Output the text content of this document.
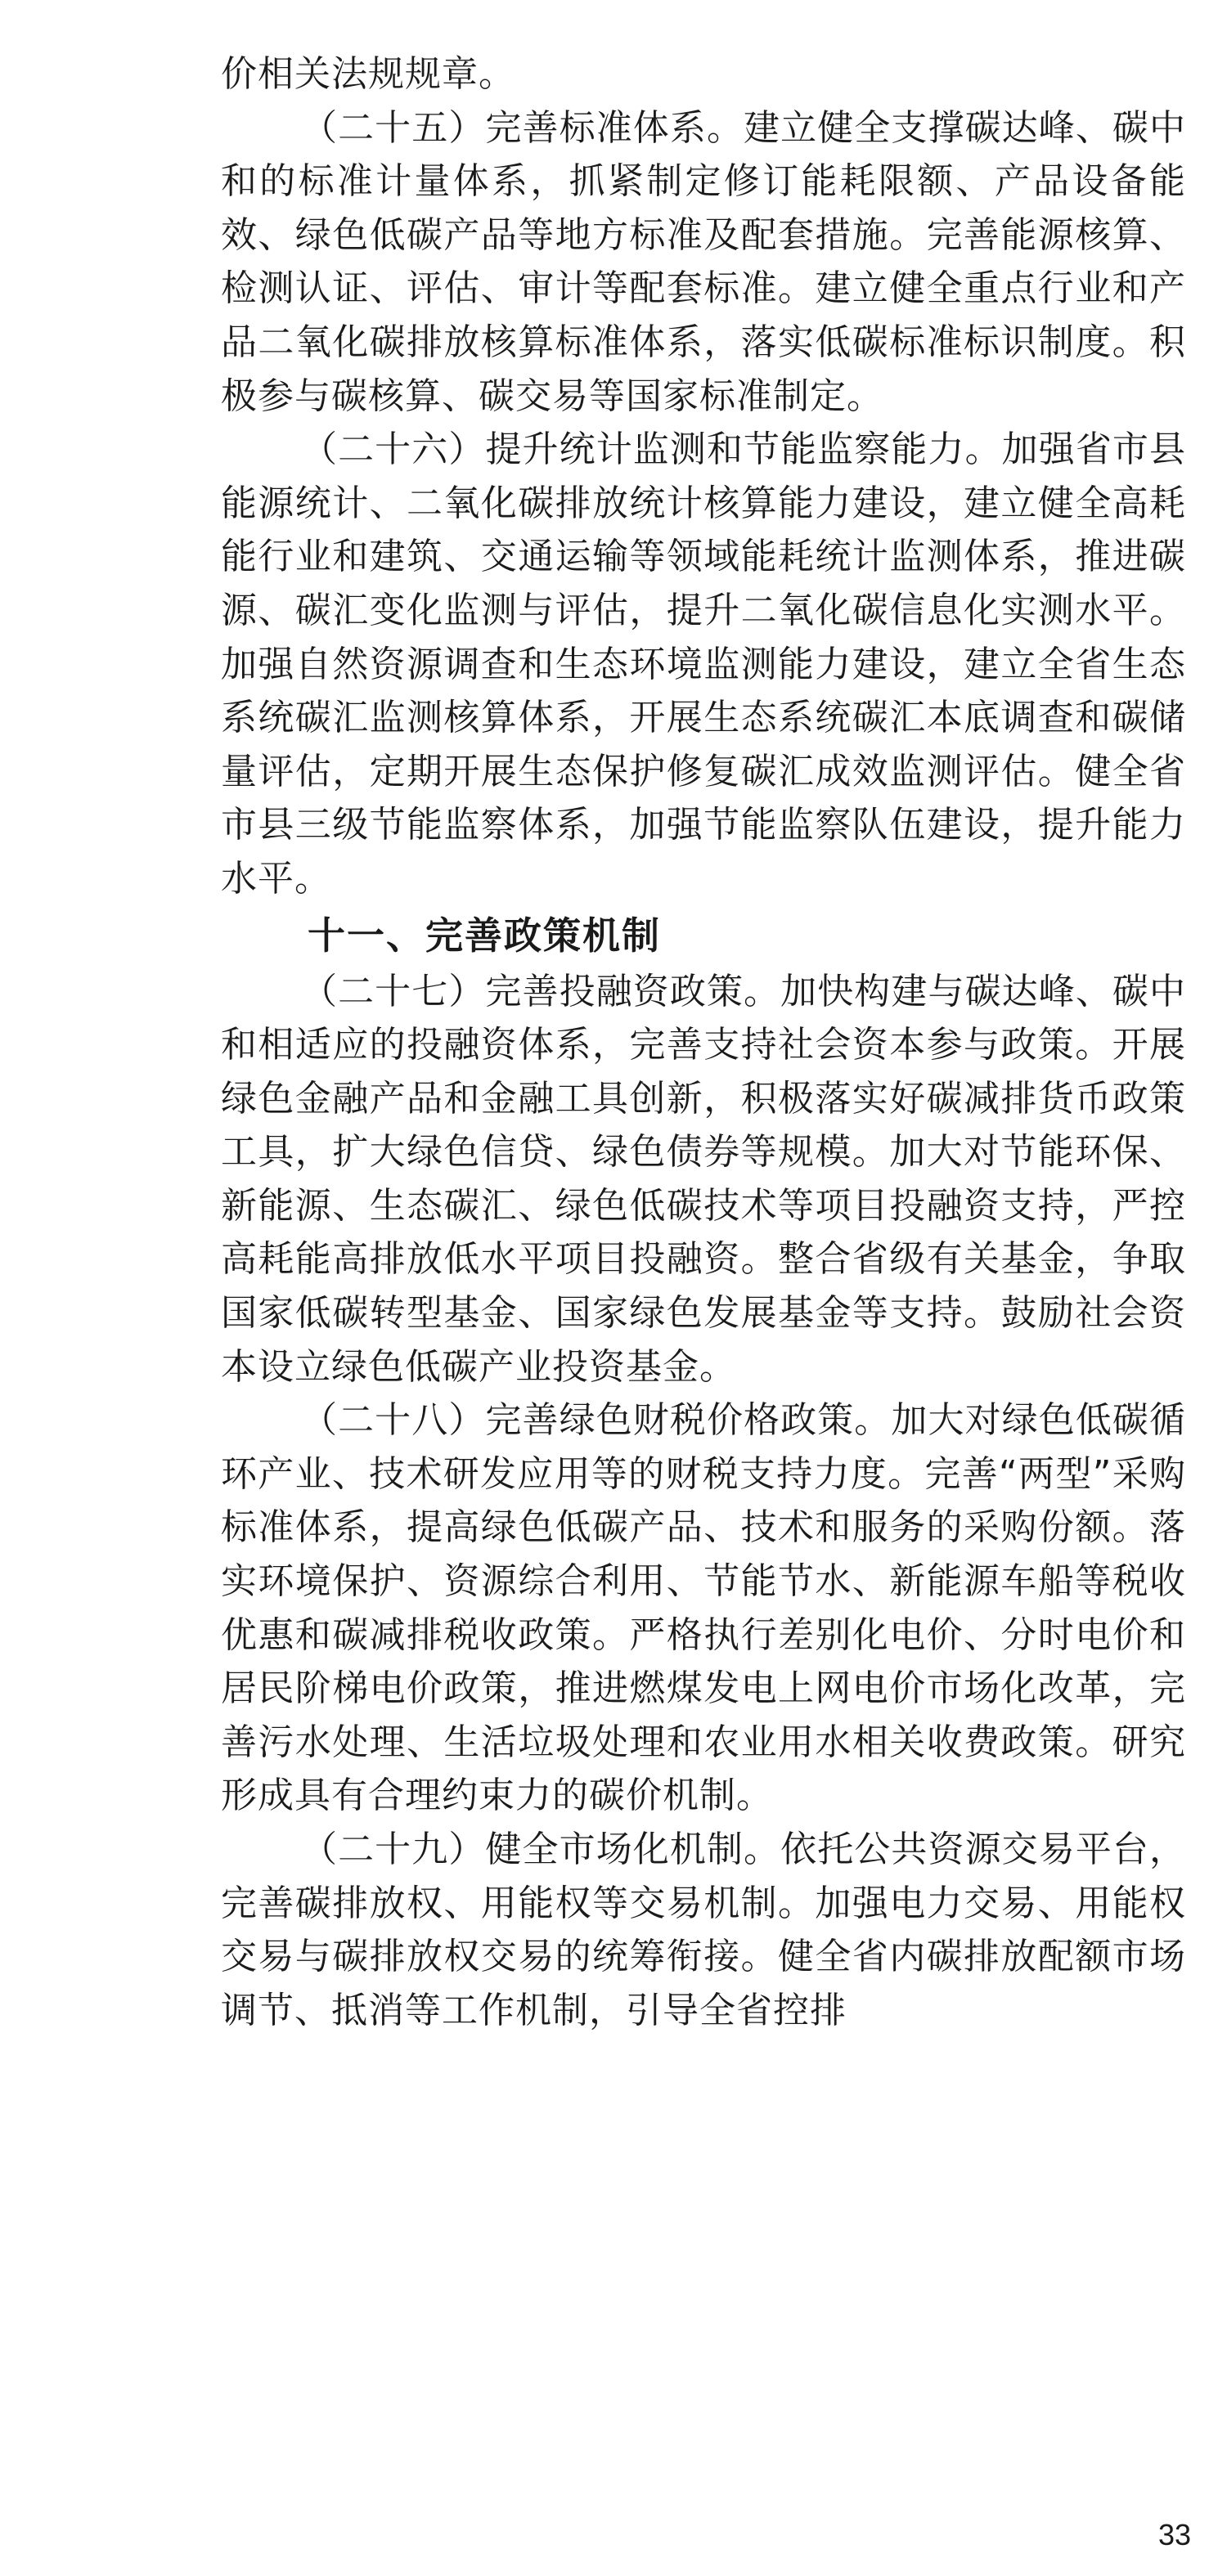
价相关法规规章。

（二十五）完善标准体系。建立健全支撑碳达峰、碳中和的标准计量体系，抓紧制定修订能耗限额、产品设备能效、绿色低碳产品等地方标准及配套措施。完善能源核算、检测认证、评估、审计等配套标准。建立健全重点行业和产品二氧化碳排放核算标准体系，落实低碳标准标识制度。积极参与碳核算、碳交易等国家标准制定。

（二十六）提升统计监测和节能监察能力。加强省市县能源统计、二氧化碳排放统计核算能力建设，建立健全高耗能行业和建筑、交通运输等领域能耗统计监测体系，推进碳源、碳汇变化监测与评估，提升二氧化碳信息化实测水平。加强自然资源调查和生态环境监测能力建设，建立全省生态系统碳汇监测核算体系，开展生态系统碳汇本底调查和碳储量评估，定期开展生态保护修复碳汇成效监测评估。健全省市县三级节能监察体系，加强节能监察队伍建设，提升能力水平。

十一、完善政策机制

（二十七）完善投融资政策。加快构建与碳达峰、碳中和相适应的投融资体系，完善支持社会资本参与政策。开展绿色金融产品和金融工具创新，积极落实好碳减排货币政策工具，扩大绿色信贷、绿色债券等规模。加大对节能环保、新能源、生态碳汇、绿色低碳技术等项目投融资支持，严控高耗能高排放低水平项目投融资。整合省级有关基金，争取国家低碳转型基金、国家绿色发展基金等支持。鼓励社会资本设立绿色低碳产业投资基金。

（二十八）完善绿色财税价格政策。加大对绿色低碳循环产业、技术研发应用等的财税支持力度。完善“两型”采购标准体系，提高绿色低碳产品、技术和服务的采购份额。落实环境保护、资源综合利用、节能节水、新能源车船等税收优惠和碳减排税收政策。严格执行差别化电价、分时电价和居民阶梯电价政策，推进燃煤发电上网电价市场化改革，完善污水处理、生活垃圾处理和农业用水相关收费政策。研究形成具有合理约束力的碳价机制。

（二十九）健全市场化机制。依托公共资源交易平台，完善碳排放权、用能权等交易机制。加强电力交易、用能权交易与碳排放权交易的统筹衔接。健全省内碳排放配额市场调节、抵消等工作机制，引导全省控排

33
